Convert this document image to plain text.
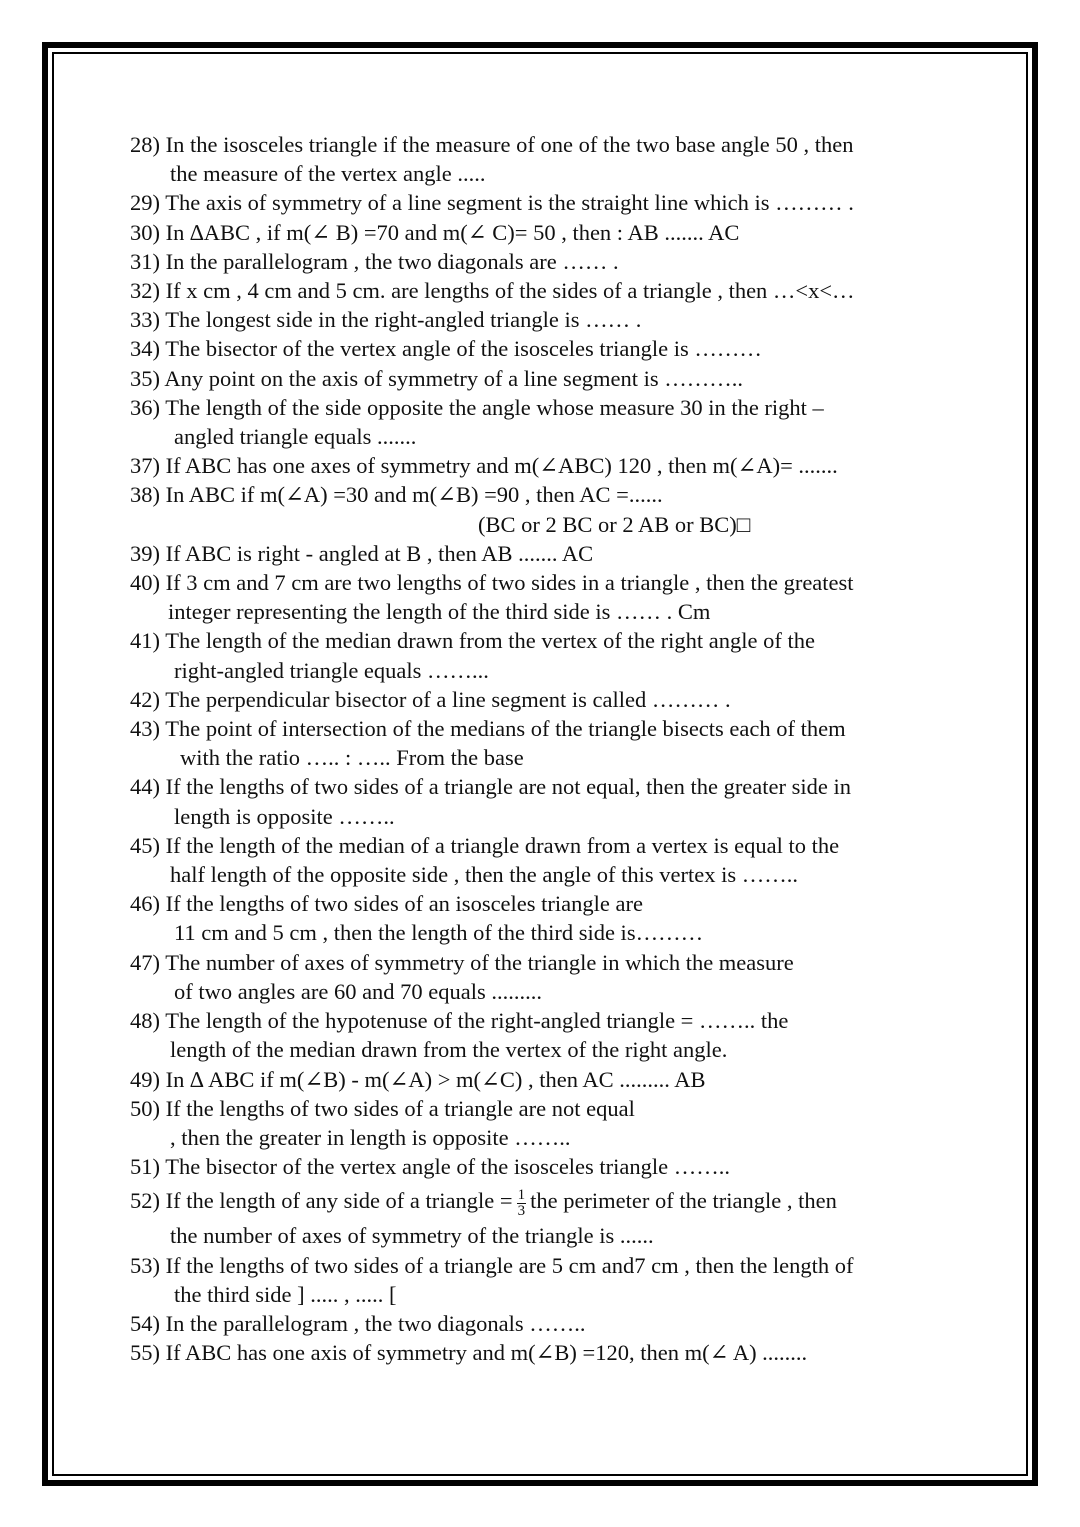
28) In the isosceles triangle if the measure of one of the two base angle 50 , then
the measure of the vertex angle .....
29) The axis of symmetry of a line segment is the straight line which is ……… .
30) In ∆ABC , if m(∠ B) =70 and m(∠ C)= 50 , then : AB ....... AC
31) In the parallelogram , the two diagonals are …… .
32) If x cm , 4 cm and 5 cm. are lengths of the sides of a triangle , then …<x<…
33) The longest side in the right-angled triangle is …… .
34) The bisector of the vertex angle of the isosceles triangle is ………
35) Any point on the axis of symmetry of a line segment is ………..
36) The length of the side opposite the angle whose measure 30 in the right –
angled triangle equals .......
37) If ABC has one axes of symmetry and m(∠ABC) 120 , then m(∠A)= .......
38) In ABC if m(∠A) =30 and m(∠B) =90 , then AC =......
(BC or 2 BC or 2 AB or BC)□
39) If ABC is right - angled at B , then AB ....... AC
40) If 3 cm and 7 cm are two lengths of two sides in a triangle , then the greatest
integer representing the length of the third side is …… . Cm
41) The length of the median drawn from the vertex of the right angle of the
right-angled triangle equals ……...
42) The perpendicular bisector of a line segment is called ……… .
43) The point of intersection of the medians of the triangle bisects each of them
with the ratio ….. : ….. From the base
44) If the lengths of two sides of a triangle are not equal, then the greater side in
length is opposite ……..
45) If the length of the median of a triangle drawn from a vertex is equal to the
half length of the opposite side , then the angle of this vertex is ……..
46) If the lengths of two sides of an isosceles triangle are
11 cm and 5 cm , then the length of the third side is………
47) The number of axes of symmetry of the triangle in which the measure
of two angles are 60 and 70 equals .........
48) The length of the hypotenuse of the right-angled triangle = …….. the
length of the median drawn from the vertex of the right angle.
49) In ∆ ABC if m(∠B) - m(∠A) > m(∠C) , then AC ......... AB
50) If the lengths of two sides of a triangle are not equal
, then the greater in length is opposite ……..
51) The bisector of the vertex angle of the isosceles triangle ……..
52) If the length of any side of a triangle = $\frac{1}{3}$ the perimeter of the triangle , then
the number of axes of symmetry of the triangle is ......
53) If the lengths of two sides of a triangle are 5 cm and7 cm , then the length of
the third side ] ..... , ..... [
54) In the parallelogram , the two diagonals ……..
55) If ABC has one axis of symmetry and m(∠B) =120, then m(∠ A) ........
